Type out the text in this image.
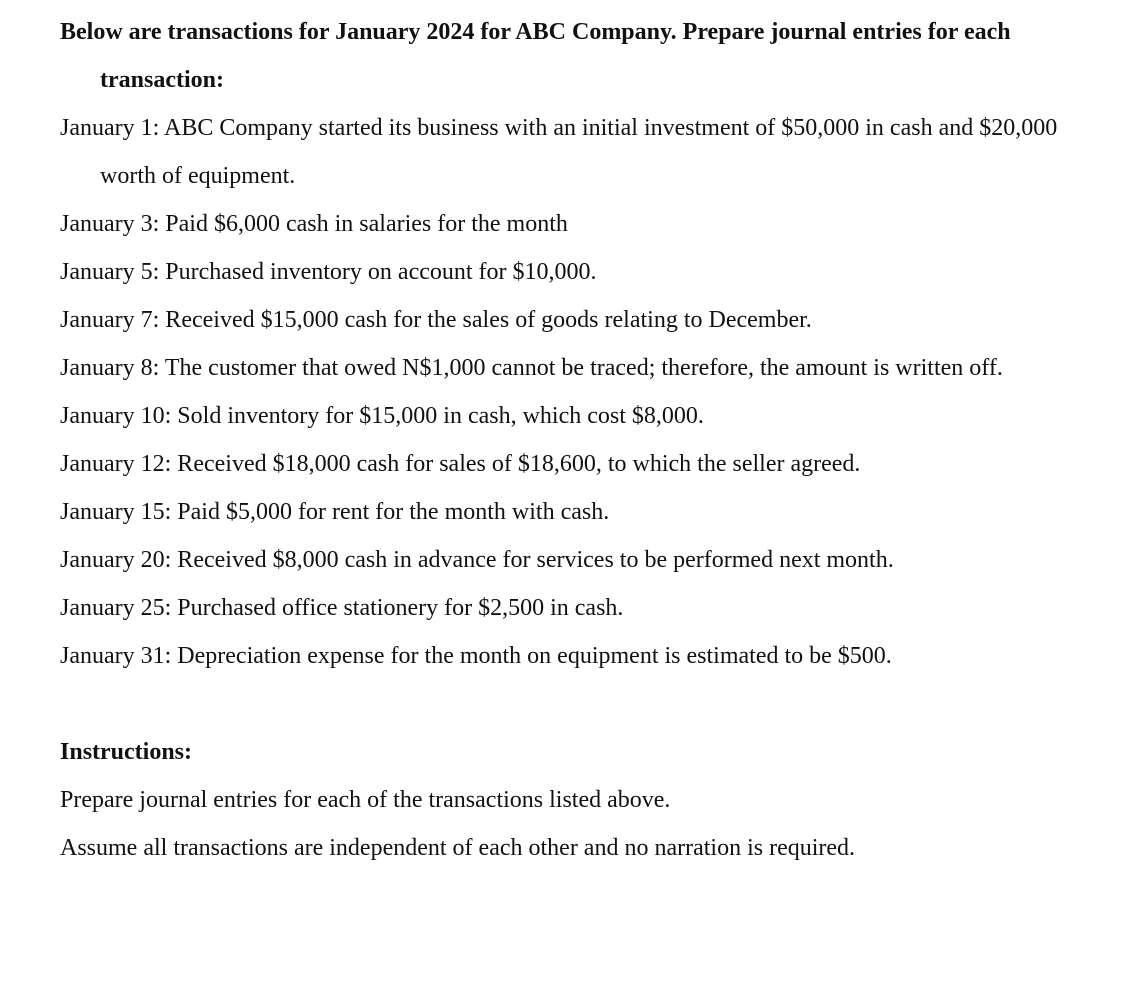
Below are transactions for January 2024 for ABC Company. Prepare journal entries for each transaction:

January 1: ABC Company started its business with an initial investment of $50,000 in cash and $20,000 worth of equipment.

January 3: Paid $6,000 cash in salaries for the month

January 5: Purchased inventory on account for $10,000.

January 7: Received $15,000 cash for the sales of goods relating to December.

January 8: The customer that owed N$1,000 cannot be traced; therefore, the amount is written off.

January 10: Sold inventory for $15,000 in cash, which cost $8,000.

January 12: Received $18,000 cash for sales of $18,600, to which the seller agreed.

January 15: Paid $5,000 for rent for the month with cash.

January 20: Received $8,000 cash in advance for services to be performed next month.

January 25: Purchased office stationery for $2,500 in cash.

January 31: Depreciation expense for the month on equipment is estimated to be $500.

Instructions:

Prepare journal entries for each of the transactions listed above.

Assume all transactions are independent of each other and no narration is required.
